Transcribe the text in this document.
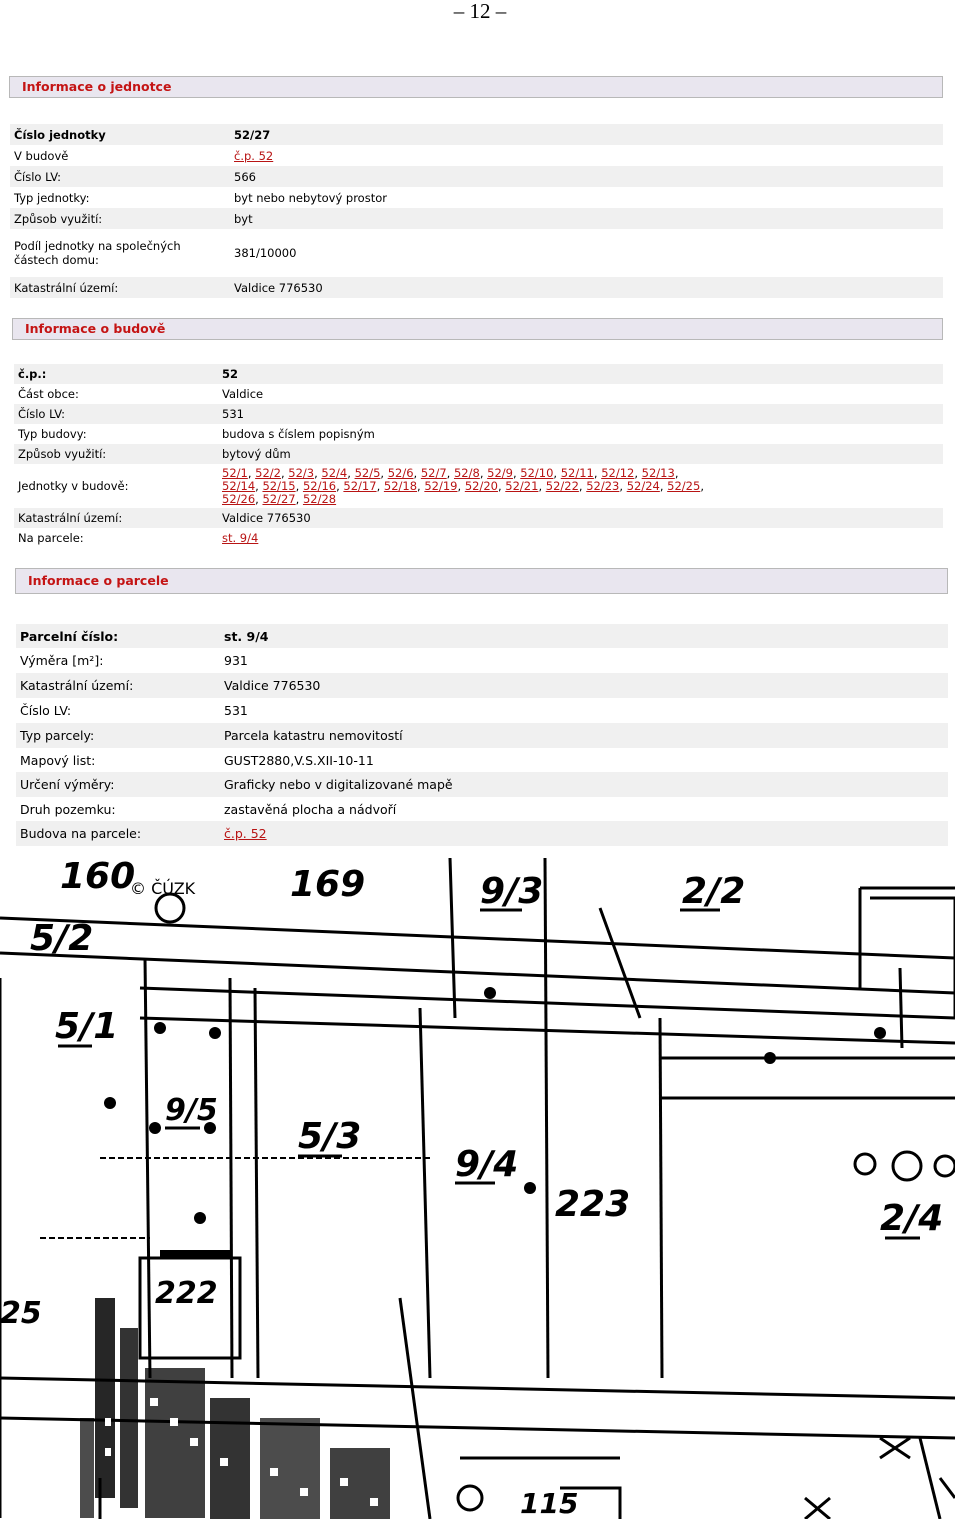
– 12 –
Informace o jednotce
Číslo jednotky	52/27
V budově	č.p. 52
Číslo LV:	566
Typ jednotky:	byt nebo nebytový prostor
Způsob využití:	byt
Podíl jednotky na společných částech domu:	381/10000
Katastrální území:	Valdice 776530
Informace o budově
č.p.:	52
Část obce:	Valdice
Číslo LV:	531
Typ budovy:	budova s číslem popisným
Způsob využití:	bytový dům
Jednotky v budově:	52/1, 52/2, 52/3, 52/4, 52/5, 52/6, 52/7, 52/8, 52/9, 52/10, 52/11, 52/12, 52/13,
52/14, 52/15, 52/16, 52/17, 52/18, 52/19, 52/20, 52/21, 52/22, 52/23, 52/24, 52/25,
52/26, 52/27, 52/28
Katastrální území:	Valdice 776530
Na parcele:	st. 9/4
Informace o parcele
Parcelní číslo:	st. 9/4
Výměra [m²]:	931
Katastrální území:	Valdice 776530
Číslo LV:	531
Typ parcely:	Parcela katastru nemovitostí
Mapový list:	GUST2880,V.S.XII-10-11
Určení výměry:	Graficky nebo v digitalizované mapě
Druh pozemku:	zastavěná plocha a nádvoří
Budova na parcele:	č.p. 52
160	169
5/2
9/3	2/2
5/1
9/5
5/3
9/4
223	2/4
222
25
115
© ČÚZK
